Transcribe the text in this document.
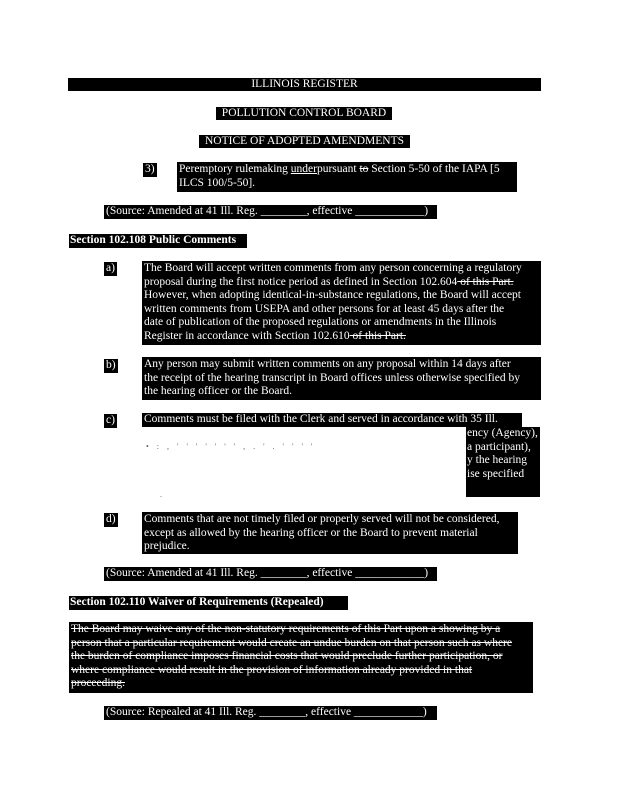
ILLINOIS REGISTER
POLLUTION CONTROL BOARD
NOTICE OF ADOPTED AMENDMENTS
3) Peremptory rulemaking underpursuant to Section 5-50 of the IAPA [5
ILCS 100/5-50].
(Source: Amended at 41 Ill. Reg. ________, effective ____________)
Section 102.108 Public Comments
a)	The Board will accept written comments from any person concerning a regulatory
proposal during the first notice period as defined in Section 102.604 of this Part.
However, when adopting identical-in-substance regulations, the Board will accept
written comments from USEPA and other persons for at least 45 days after the
date of publication of the proposed regulations or amendments in the Illinois
Register in accordance with Section 102.610 of this Part.
b) Any person may submit written comments on any proposal within 14 days after
the receipt of the hearing transcript in Board offices unless otherwise specified by
the hearing officer or the Board.
c)	Comments must be filed with the Clerk and served in accordance with 35 Ill.
ency (Agency),
a participant),
y the hearing
ise specified
• : , ' ' ' ' ' ' ' , . ' . ' ' ' '
.
d) Comments that are not timely filed or properly served will not be considered,
except as allowed by the hearing officer or the Board to prevent material
prejudice.
(Source: Amended at 41 Ill. Reg. ________, effective ____________)
Section 102.110 Waiver of Requirements (Repealed)
The Board may waive any of the non-statutory requirements of this Part upon a showing by a
person that a particular requirement would create an undue burden on that person such as where
the burden of compliance imposes financial costs that would preclude further participation, or
where compliance would result in the provision of information already provided in that
proceeding.
(Source: Repealed at 41 Ill. Reg. ________, effective ____________)
